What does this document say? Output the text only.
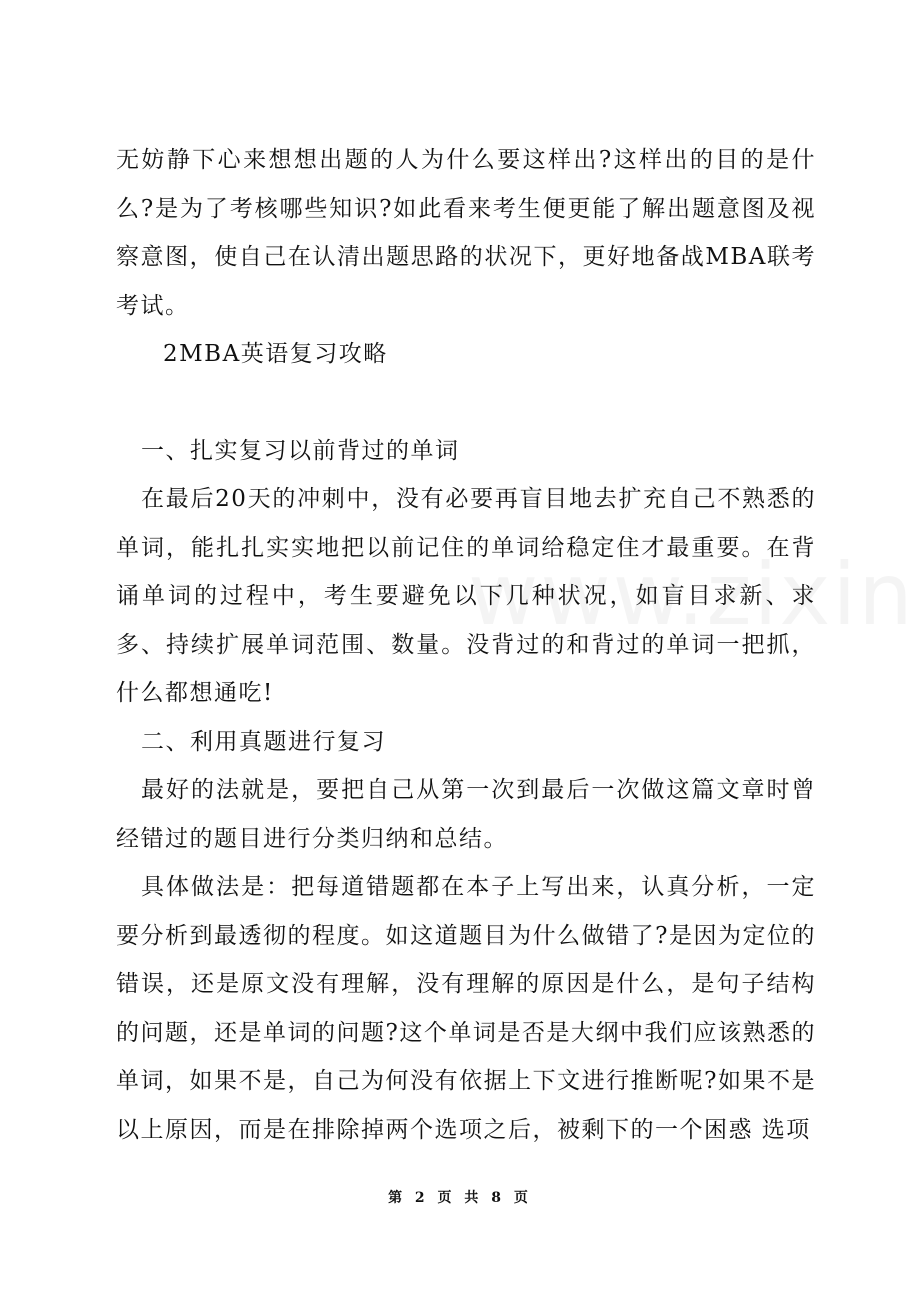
无妨静下心来想想出题的人为什么要这样出?这样出的目的是什么?是为了考核哪些知识?如此看来考生便更能了解出题意图及视察意图，使自己在认清出题思路的状况下，更好地备战MBA联考考试。

2MBA英语复习攻略

一、扎实复习以前背过的单词

在最后20天的冲刺中，没有必要再盲目地去扩充自己不熟悉的单词，能扎扎实实地把以前记住的单词给稳定住才最重要。在背诵单词的过程中，考生要避免以下几种状况，如盲目求新、求多、持续扩展单词范围、数量。没背过的和背过的单词一把抓，什么都想通吃!

二、利用真题进行复习

最好的法就是，要把自己从第一次到最后一次做这篇文章时曾经错过的题目进行分类归纳和总结。

具体做法是：把每道错题都在本子上写出来，认真分析，一定要分析到最透彻的程度。如这道题目为什么做错了?是因为定位的错误，还是原文没有理解，没有理解的原因是什么，是句子结构的问题，还是单词的问题?这个单词是否是大纲中我们应该熟悉的单词，如果不是，自己为何没有依据上下文进行推断呢?如果不是以上原因，而是在排除掉两个选项之后，被剩下的一个困惑 选项

第 2 页 共 8 页
